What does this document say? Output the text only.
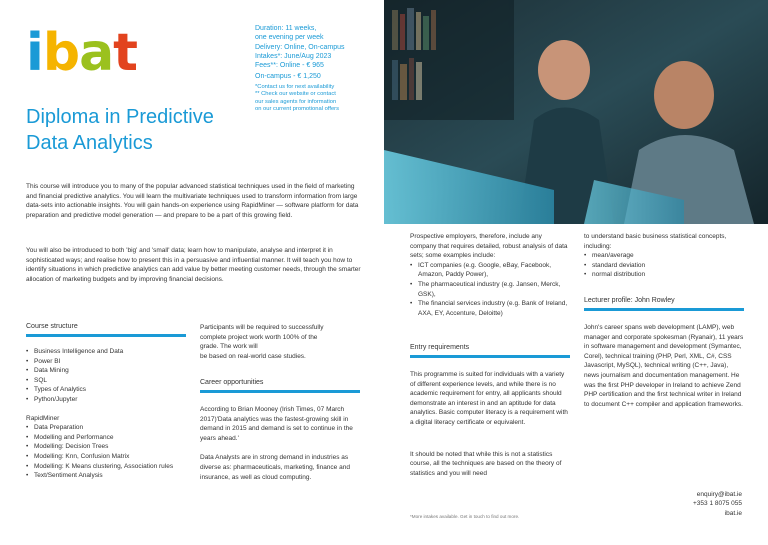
ibat	Duration: 11 weeks,
one evening per week
Delivery: Online, On-campus
Intakes*: June/Aug 2023
Fees**: Online - € 965
On-campus - € 1,250
*Contact us for next availability
** Check our website or contact
our sales agents for information
on our current promotional offers
Diploma in Predictive
Data Analytics
This course will introduce you to many of the popular advanced statistical techniques used in the field of marketing and financial predictive analytics. You will learn the multivariate techniques used to transform information from large data-sets into actionable insights. You will gain hands-on experience using RapidMiner — software platform for data preparation and predictive model generation — and prepare to be a part of this growing field.
You will also be introduced to both 'big' and 'small' data; learn how to manipulate, analyse and interpret it in sophisticated ways; and realise how to present this in a persuasive and influential manner. It will teach you how to identify situations in which predictive analytics can add value by better meeting customer needs, through the smarter allocation of marketing budgets and by improving financial decisions.
Course structure
• Business Intelligence and Data
• Power BI
• Data Mining
• SQL
• Types of Analytics
• Python/Jupyter
RapidMiner
• Data Preparation
• Modelling and Performance
• Modelling: Decision Trees
• Modelling: Knn, Confusion Matrix
• Modelling: K Means clustering, Association rules
• Text/Sentiment Analysis
Participants will be required to successfully
complete project work worth 100% of the
grade. The work will
be based on real-world case studies.
Career opportunities
According to Brian Mooney (Irish Times, 07 March 2017)'Data analytics was the fastest-growing skill in demand in 2015 and demand is set to continue in the years ahead.'
Data Analysts are in strong demand in industries as diverse as: pharmaceuticals, marketing, finance and insurance, as well as cloud computing.
Prospective employers, therefore, include any company that requires detailed, robust analysis of data sets; some examples include:
• ICT companies (e.g. Google, eBay, Facebook, Amazon, Paddy Power),
• The pharmaceutical industry (e.g. Jansen, Merck, GSK),
• The financial services industry (e.g. Bank of Ireland, AXA, EY, Accenture, Deloitte)
Entry requirements
This programme is suited for individuals with a variety of different experience levels, and while there is no academic requirement for entry, all applicants should demonstrate an interest in and an aptitude for data analytics. Basic computer literacy is a requirement with a digital literacy certificate or equivalent.
It should be noted that while this is not a statistics course, all the techniques are based on the theory of statistics and you will need
*More intakes available. Get in touch to find out more.
to understand basic business statistical concepts, including:
• mean/average
• standard deviation
• normal distribution
Lecturer profile: John Rowley
John's career spans web development (LAMP), web manager and corporate spokesman (Ryanair), 11 years in software management and development (Symantec, Corel), technical training (PHP, Perl, XML, C#, CSS Javascript, MySQL), technical writing (C++, Java), news journalism and documentation management. He was the first PHP developer in Ireland to achieve Zend PHP certification and the first technical writer in Ireland to document C++ compiler and application frameworks.
enquiry@ibat.ie
+353 1 8075 055
ibat.ie
